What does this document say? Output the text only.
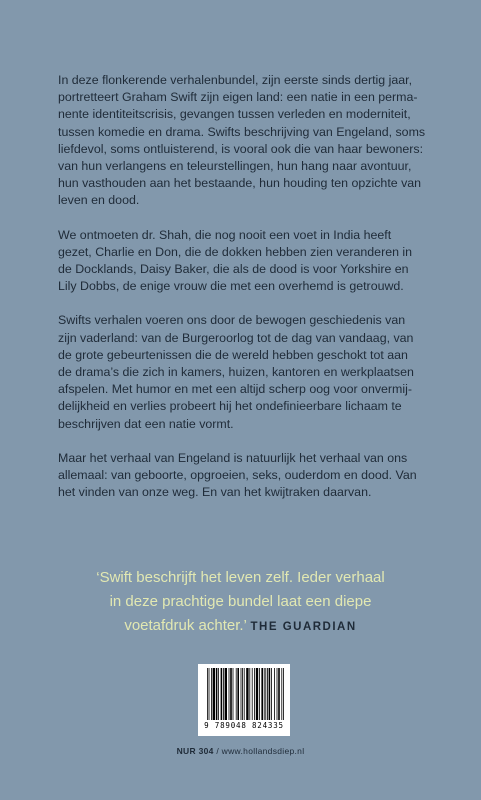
In deze flonkerende verhalenbundel, zijn eerste sinds dertig jaar,
portretteert Graham Swift zijn eigen land: een natie in een perma-
nente identiteitscrisis, gevangen tussen verleden en moderniteit,
tussen komedie en drama. Swifts beschrijving van Engeland, soms
liefdevol, soms ontluisterend, is vooral ook die van haar bewoners:
van hun verlangens en teleurstellingen, hun hang naar avontuur,
hun vasthouden aan het bestaande, hun houding ten opzichte van
leven en dood.

We ontmoeten dr. Shah, die nog nooit een voet in India heeft
gezet, Charlie en Don, die de dokken hebben zien veranderen in
de Docklands, Daisy Baker, die als de dood is voor Yorkshire en
Lily Dobbs, de enige vrouw die met een overhemd is getrouwd.

Swifts verhalen voeren ons door de bewogen geschiedenis van
zijn vaderland: van de Burgeroorlog tot de dag van vandaag, van
de grote gebeurtenissen die de wereld hebben geschokt tot aan
de drama’s die zich in kamers, huizen, kantoren en werkplaatsen
afspelen. Met humor en met een altijd scherp oog voor onvermij-
delijkheid en verlies probeert hij het ondefinieerbare lichaam te
beschrijven dat een natie vormt.

Maar het verhaal van Engeland is natuurlijk het verhaal van ons
allemaal: van geboorte, opgroeien, seks, ouderdom en dood. Van
het vinden van onze weg. En van het kwijtraken daarvan.

‘Swift beschrijft het leven zelf. Ieder verhaal
in deze prachtige bundel laat een diepe
voetafdruk achter.’ THE GUARDIAN
9 789048 824335
NUR 304 / www.hollandsdiep.nl
